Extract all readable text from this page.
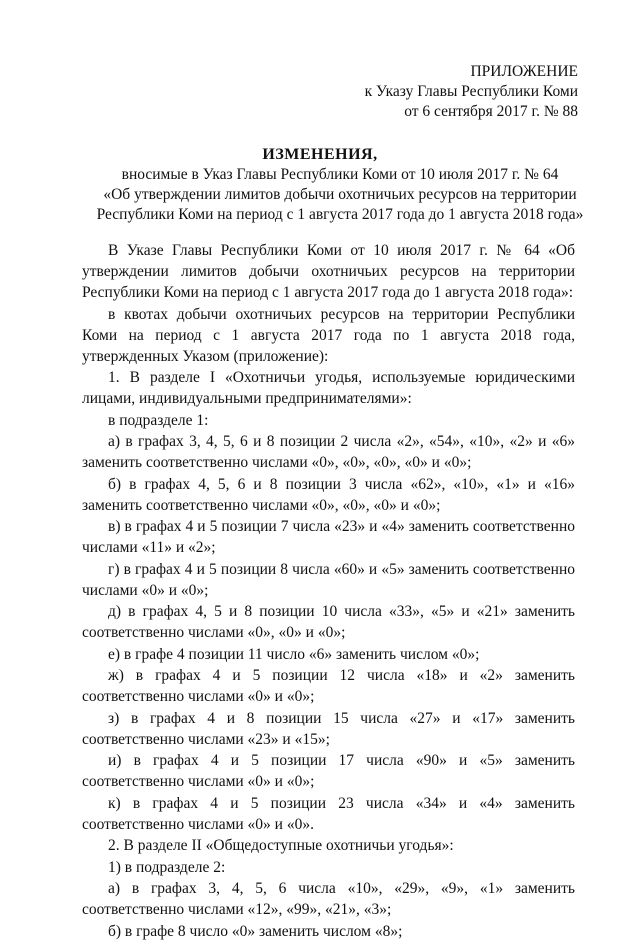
ПРИЛОЖЕНИЕ
к Указу Главы Республики Коми
от 6 сентября 2017 г. № 88
ИЗМЕНЕНИЯ,
вносимые в Указ Главы Республики Коми от 10 июля 2017 г. № 64
«Об утверждении лимитов добычи охотничьих ресурсов на территории
Республики Коми на период с 1 августа 2017 года до 1 августа 2018 года»

В Указе Главы Республики Коми от 10 июля 2017 г. № 64 «Об утверждении лимитов добычи охотничьих ресурсов на территории Республики Коми на период с 1 августа 2017 года до 1 августа 2018 года»:

в квотах добычи охотничьих ресурсов на территории Республики Коми на период с 1 августа 2017 года по 1 августа 2018 года, утвержденных Указом (приложение):

1. В разделе I «Охотничьи угодья, используемые юридическими лицами, индивидуальными предпринимателями»:

в подразделе 1:

а) в графах 3, 4, 5, 6 и 8 позиции 2 числа «2», «54», «10», «2» и «6» заменить соответственно числами «0», «0», «0», «0» и «0»;

б) в графах 4, 5, 6 и 8 позиции 3 числа «62», «10», «1» и «16» заменить соответственно числами «0», «0», «0» и «0»;

в) в графах 4 и 5 позиции 7 числа «23» и «4» заменить соответственно числами «11» и «2»;

г) в графах 4 и 5 позиции 8 числа «60» и «5» заменить соответственно числами «0» и «0»;

д) в графах 4, 5 и 8 позиции 10 числа «33», «5» и «21» заменить соответственно числами «0», «0» и «0»;

е) в графе 4 позиции 11 число «6» заменить числом «0»;

ж) в графах 4 и 5 позиции 12 числа «18» и «2» заменить соответственно числами «0» и «0»;

з) в графах 4 и 8 позиции 15 числа «27» и «17» заменить соответственно числами «23» и «15»;

и) в графах 4 и 5 позиции 17 числа «90» и «5» заменить соответственно числами «0» и «0»;

к) в графах 4 и 5 позиции 23 числа «34» и «4» заменить соответственно числами «0» и «0».

2. В разделе II «Общедоступные охотничьи угодья»:

1) в подразделе 2:

а) в графах 3, 4, 5, 6 числа «10», «29», «9», «1» заменить соответственно числами «12», «99», «21», «3»;

б) в графе 8 число «0» заменить числом «8»;
